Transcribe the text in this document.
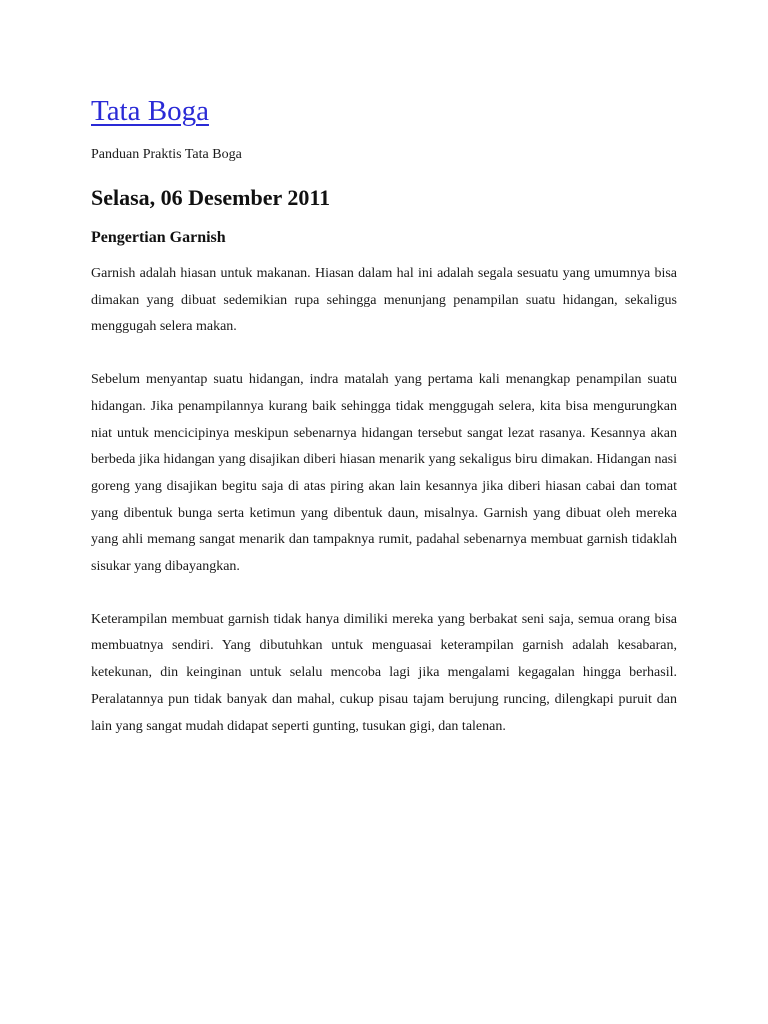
Tata Boga
Panduan Praktis Tata Boga
Selasa, 06 Desember 2011
Pengertian Garnish

Garnish adalah hiasan untuk makanan. Hiasan dalam hal ini adalah segala sesuatu yang umumnya bisa dimakan yang dibuat sedemikian rupa sehingga menunjang penampilan suatu hidangan, sekaligus menggugah selera makan.

Sebelum menyantap suatu hidangan, indra matalah yang pertama kali menangkap penampilan suatu hidangan. Jika penampilannya kurang baik sehingga tidak menggugah selera, kita bisa mengurungkan niat untuk mencicipinya meskipun sebenarnya hidangan tersebut sangat lezat rasanya. Kesannya akan berbeda jika hidangan yang disajikan diberi hiasan menarik yang sekaligus biru dimakan. Hidangan nasi goreng yang disajikan begitu saja di atas piring akan lain kesannya jika diberi hiasan cabai dan tomat yang dibentuk bunga serta ketimun yang dibentuk daun, misalnya. Garnish yang dibuat oleh mereka yang ahli memang sangat menarik dan tampaknya rumit, padahal sebenarnya membuat garnish tidaklah sisukar yang dibayangkan.

Keterampilan membuat garnish tidak hanya dimiliki mereka yang berbakat seni saja, semua orang bisa membuatnya sendiri. Yang dibutuhkan untuk menguasai keterampilan garnish adalah kesabaran, ketekunan, din keinginan untuk selalu mencoba lagi jika mengalami kegagalan hingga berhasil. Peralatannya pun tidak banyak dan mahal, cukup pisau tajam berujung runcing, dilengkapi puruit dan lain yang sangat mudah didapat seperti gunting, tusukan gigi, dan talenan.
